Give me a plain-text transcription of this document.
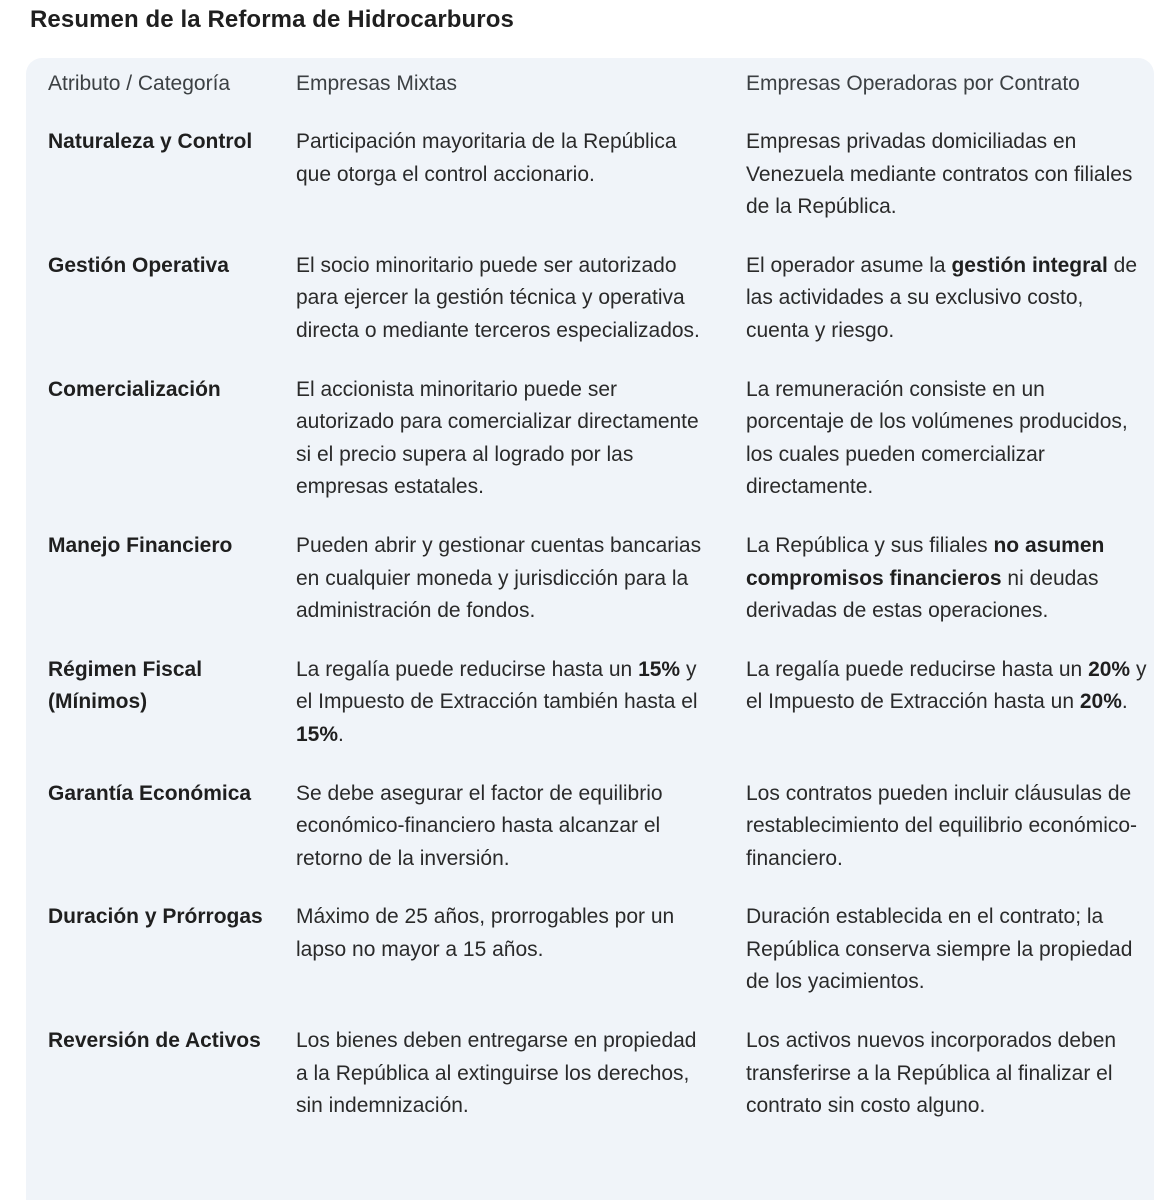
Resumen de la Reforma de Hidrocarburos
Atributo / Categoría	Empresas Mixtas	Empresas Operadoras por Contrato
Naturaleza y Control	Participación mayoritaria de la República que otorga el control accionario.	Empresas privadas domiciliadas en Venezuela mediante contratos con filiales de la República.
Gestión Operativa	El socio minoritario puede ser autorizado para ejercer la gestión técnica y operativa directa o mediante terceros especializados.	El operador asume la gestión integral de las actividades a su exclusivo costo, cuenta y riesgo.
Comercialización	El accionista minoritario puede ser autorizado para comercializar directamente si el precio supera al logrado por las empresas estatales.	La remuneración consiste en un porcentaje de los volúmenes producidos, los cuales pueden comercializar directamente.
Manejo Financiero	Pueden abrir y gestionar cuentas bancarias en cualquier moneda y jurisdicción para la administración de fondos.	La República y sus filiales no asumen compromisos financieros ni deudas derivadas de estas operaciones.
Régimen Fiscal (Mínimos)	La regalía puede reducirse hasta un 15% y el Impuesto de Extracción también hasta el 15%.	La regalía puede reducirse hasta un 20% y el Impuesto de Extracción hasta un 20%.
Garantía Económica	Se debe asegurar el factor de equilibrio económico-financiero hasta alcanzar el retorno de la inversión.	Los contratos pueden incluir cláusulas de restablecimiento del equilibrio económico-financiero.
Duración y Prórrogas	Máximo de 25 años, prorrogables por un lapso no mayor a 15 años.	Duración establecida en el contrato; la República conserva siempre la propiedad de los yacimientos.
Reversión de Activos	Los bienes deben entregarse en propiedad a la República al extinguirse los derechos, sin indemnización.	Los activos nuevos incorporados deben transferirse a la República al finalizar el contrato sin costo alguno.
